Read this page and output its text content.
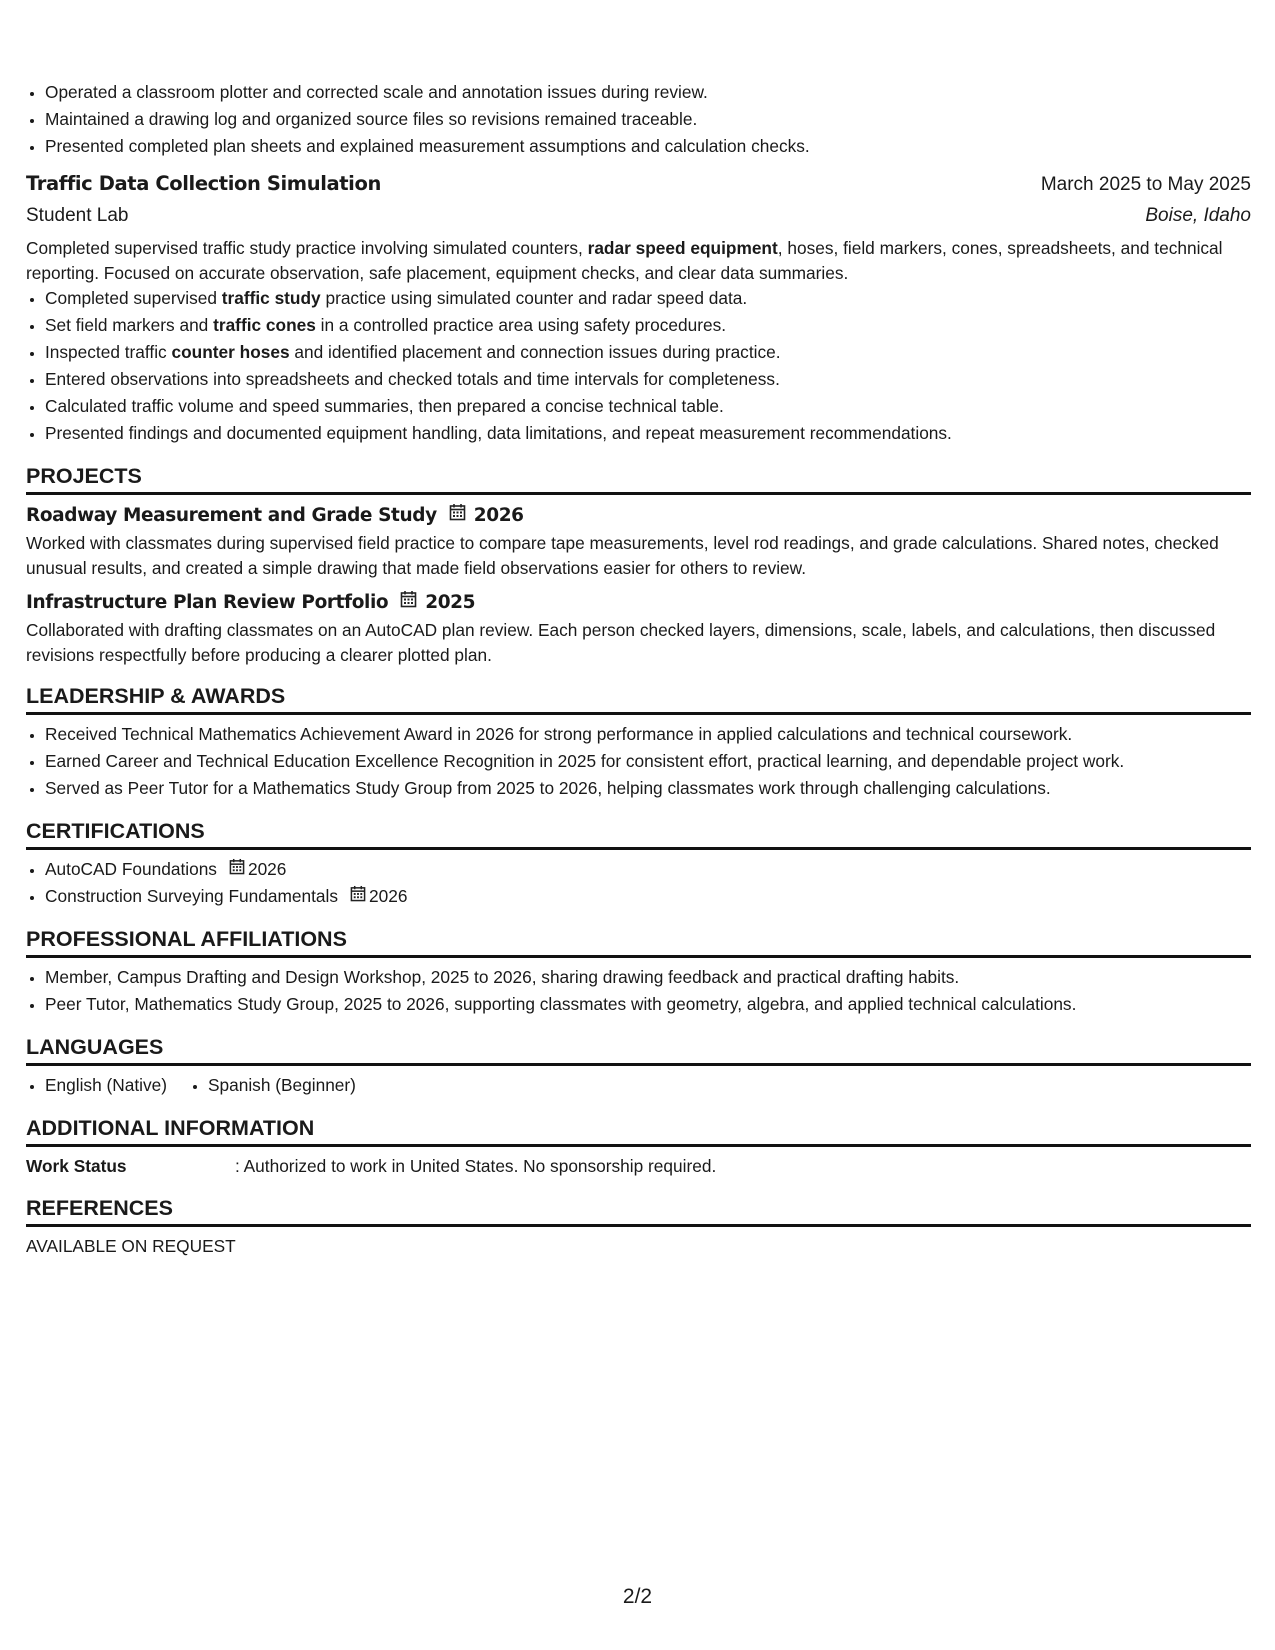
• Operated a classroom plotter and corrected scale and annotation issues during review.
• Maintained a drawing log and organized source files so revisions remained traceable.
• Presented completed plan sheets and explained measurement assumptions and calculation checks.
Traffic Data Collection Simulation	March 2025 to May 2025
Student Lab	Boise, Idaho
Completed supervised traffic study practice involving simulated counters, radar speed equipment, hoses, field markers, cones, spreadsheets, and technical reporting. Focused on accurate observation, safe placement, equipment checks, and clear data summaries.
• Completed supervised traffic study practice using simulated counter and radar speed data.
• Set field markers and traffic cones in a controlled practice area using safety procedures.
• Inspected traffic counter hoses and identified placement and connection issues during practice.
• Entered observations into spreadsheets and checked totals and time intervals for completeness.
• Calculated traffic volume and speed summaries, then prepared a concise technical table.
• Presented findings and documented equipment handling, data limitations, and repeat measurement recommendations.
PROJECTS
Roadway Measurement and Grade Study 2026
Worked with classmates during supervised field practice to compare tape measurements, level rod readings, and grade calculations. Shared notes, checked unusual results, and created a simple drawing that made field observations easier for others to review.
Infrastructure Plan Review Portfolio 2025
Collaborated with drafting classmates on an AutoCAD plan review. Each person checked layers, dimensions, scale, labels, and calculations, then discussed revisions respectfully before producing a clearer plotted plan.
LEADERSHIP & AWARDS
• Received Technical Mathematics Achievement Award in 2026 for strong performance in applied calculations and technical coursework.
• Earned Career and Technical Education Excellence Recognition in 2025 for consistent effort, practical learning, and dependable project work.
• Served as Peer Tutor for a Mathematics Study Group from 2025 to 2026, helping classmates work through challenging calculations.
CERTIFICATIONS
• AutoCAD Foundations 2026
• Construction Surveying Fundamentals 2026
PROFESSIONAL AFFILIATIONS
• Member, Campus Drafting and Design Workshop, 2025 to 2026, sharing drawing feedback and practical drafting habits.
• Peer Tutor, Mathematics Study Group, 2025 to 2026, supporting classmates with geometry, algebra, and applied technical calculations.
LANGUAGES
• English (Native)
• Spanish (Beginner)
ADDITIONAL INFORMATION
Work Status	: Authorized to work in United States. No sponsorship required.
REFERENCES
AVAILABLE ON REQUEST
2/2
